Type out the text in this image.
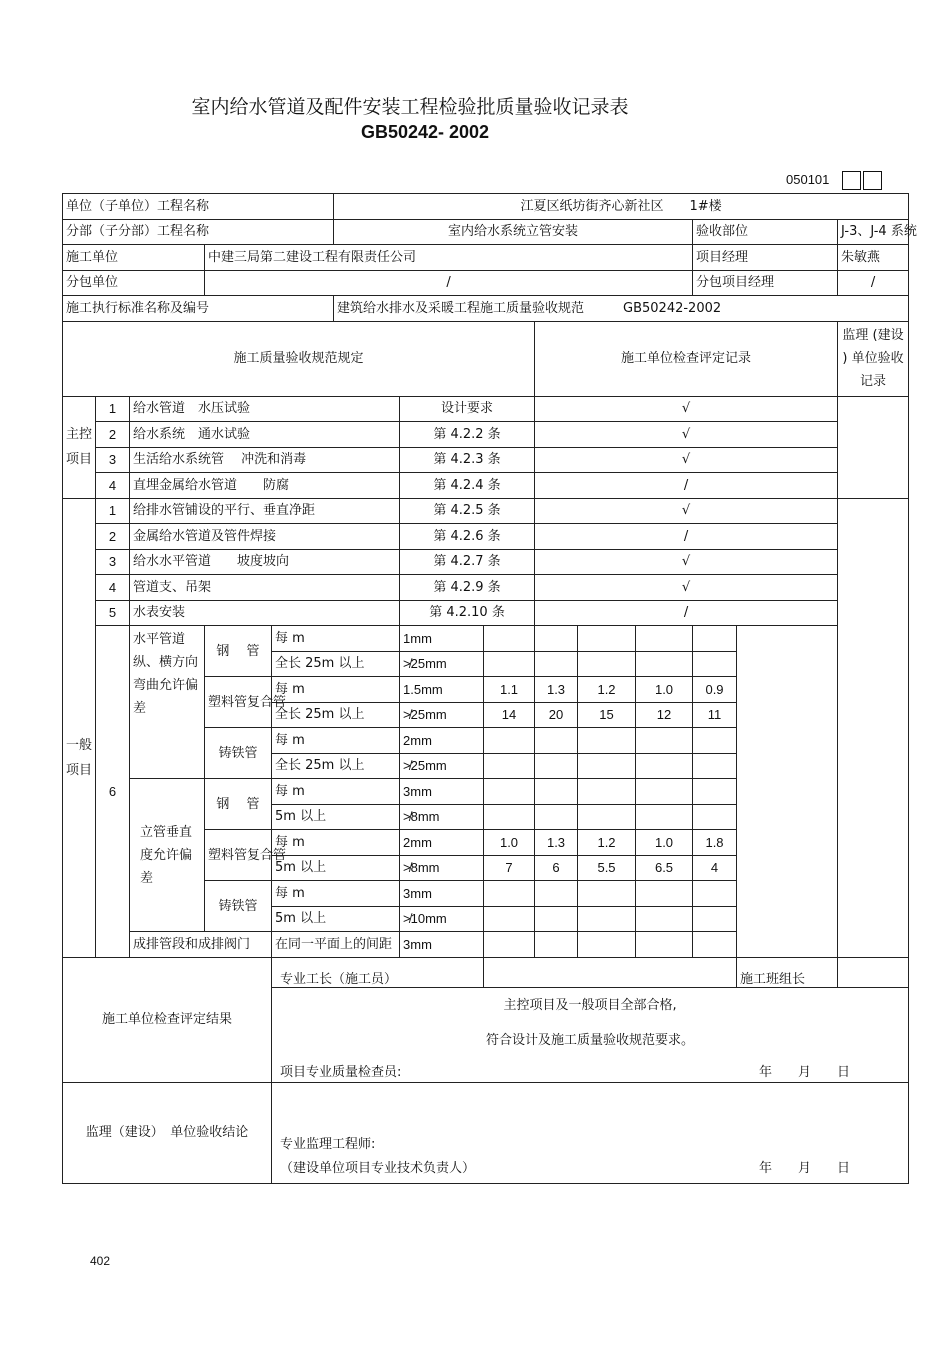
室内给水管道及配件安装工程检验批质量验收记录表
GB50242- 2002
050101
单位（子单位）工程名称					江夏区纸坊街齐心新社区　　1#楼								
分部（子分部）工程名称					室内给水系统立管安装						验收部位		J-3、J-4 系统
施工单位			中建三局第二建设工程有限责任公司								项目经理		朱敏燕
分包单位			/								分包项目经理		/
施工执行标准名称及编号					建筑给水排水及采暖工程施工质量验收规范　　　GB50242-2002								
施工质量验收规范规定								施工单位检查评定记录					监理 (建设 ) 单位验收 记录
主控项目	1	给水管道　水压试验				设计要求		√					
	2	给水系统　通水试验				第 4.2.2 条		√					
	3	生活给水系统管　 冲洗和消毒				第 4.2.3 条		√					
	4	直埋金属给水管道　　防腐				第 4.2.4 条		/					
一般项目	1	给排水管铺设的平行、垂直净距				第 4.2.5 条		√					
	2	金属给水管道及管件焊接				第 4.2.6 条		/					
	3	给水水平管道　　坡度坡向				第 4.2.7 条		√					
	4	管道支、吊架				第 4.2.9 条		√					
	5	水表安装				第 4.2.10 条		/					
	6	水平管道纵、横方向弯曲允许偏差	钢　 管	每 m		1mm							
				全长 25m 以上		≯25mm							
			塑料管复合管	每 m		1.5mm	1.1	1.3	1.2	1.0	0.9		
				全长 25m 以上		≯25mm	14	20	15	12	11		
			铸铁管	每 m		2mm							
				全长 25m 以上		≯25mm							
		立管垂直度允许偏差	钢　 管	每 m		3mm							
				5m 以上		≯8mm							
			塑料管复合管	每 m		2mm	1.0	1.3	1.2	1.0	1.8		
				5m 以上		≯8mm	7	6	5.5	6.5	4		
			铸铁管	每 m		3mm							
				5m 以上		≯10mm							
		成排管段和成排阀门		在同一平面上的间距		3mm							
施工单位检查评定结果				专业工长（施工员）								施工班组长	

				主控项目及一般项目全部合格,
符合设计及施工质量验收规范要求。
项目专业质量检查员: 年　　月　　日									

监理（建设）　单位验收结论				专业监理工程师:
（建设单位项目专业技术负责人） 年　　月　　日									
402
